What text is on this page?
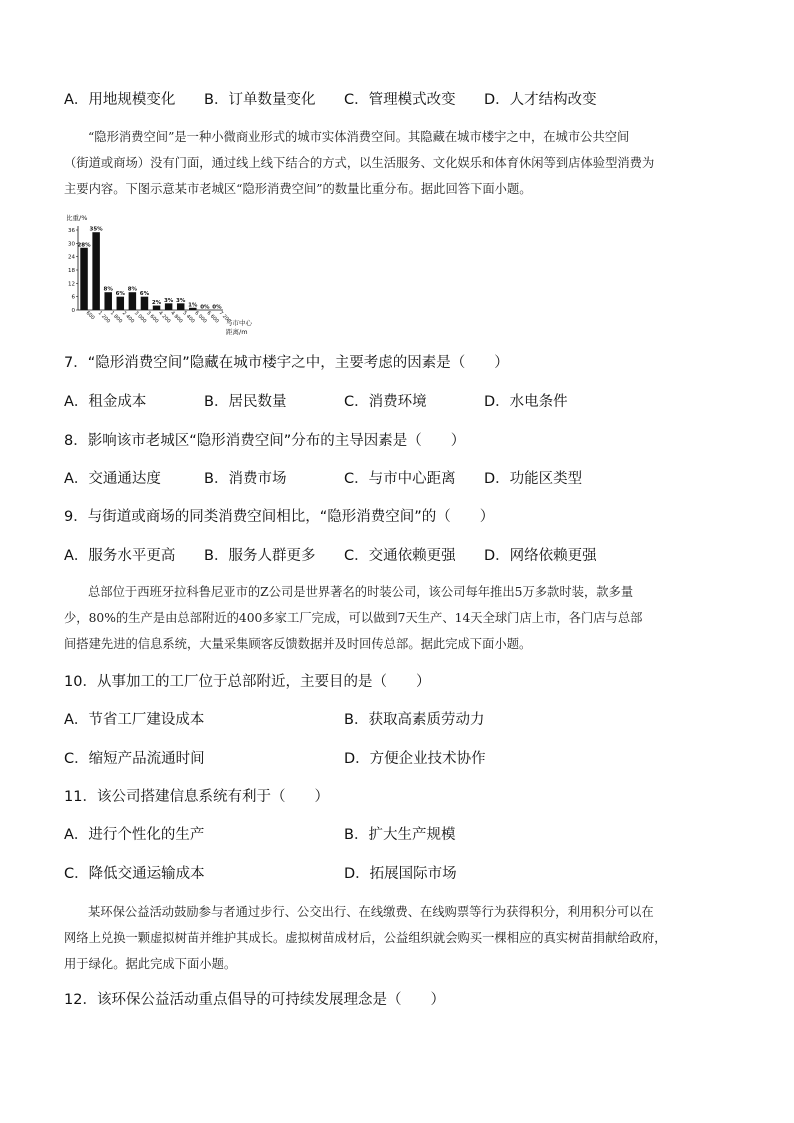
A．用地规模变化 B．订单数量变化 C．管理模式改变 D．人才结构改变
“隐形消费空间”是一种小微商业形式的城市实体消费空间。其隐藏在城市楼宇之中，在城市公共空间
（街道或商场）没有门面，通过线上线下结合的方式，以生活服务、文化娱乐和体育休闲等到店体验型消费为
主要内容。下图示意某市老城区“隐形消费空间”的数量比重分布。据此回答下面小题。
比重/%
与市中心
距离/m
0
6
12
18
24
30
36
28%
600
35%
1 200
8%
1 800
6%
2 400
8%
3 000
6%
3 600
2%
4 200
3%
4 800
3%
5 400
1%
6 000
0%
6 600
0%
7 200
7．“隐形消费空间”隐藏在城市楼宇之中，主要考虑的因素是（　　）
A．租金成本	B．居民数量	C．消费环境	D．水电条件
8．影响该市老城区“隐形消费空间”分布的主导因素是（　　）
A．交通通达度	B．消费市场	C．与市中心距离 D．功能区类型
9．与街道或商场的同类消费空间相比，“隐形消费空间”的（　　）
A．服务水平更高 B．服务人群更多 C．交通依赖更强 D．网络依赖更强
总部位于西班牙拉科鲁尼亚市的Z公司是世界著名的时装公司，该公司每年推出5万多款时装，款多量
少，80%的生产是由总部附近的400多家工厂完成，可以做到7天生产、14天全球门店上市，各门店与总部
间搭建先进的信息系统，大量采集顾客反馈数据并及时回传总部。据此完成下面小题。
10．从事加工的工厂位于总部附近，主要目的是（　　）
A．节省工厂建设成本	B．获取高素质劳动力
C．缩短产品流通时间	D．方便企业技术协作
11．该公司搭建信息系统有利于（　　）
A．进行个性化的生产	B．扩大生产规模
C．降低交通运输成本	D．拓展国际市场
某环保公益活动鼓励参与者通过步行、公交出行、在线缴费、在线购票等行为获得积分，利用积分可以在
网络上兑换一颗虚拟树苗并维护其成长。虚拟树苗成材后，公益组织就会购买一棵相应的真实树苗捐献给政府，
用于绿化。据此完成下面小题。
12．该环保公益活动重点倡导的可持续发展理念是（　　）
